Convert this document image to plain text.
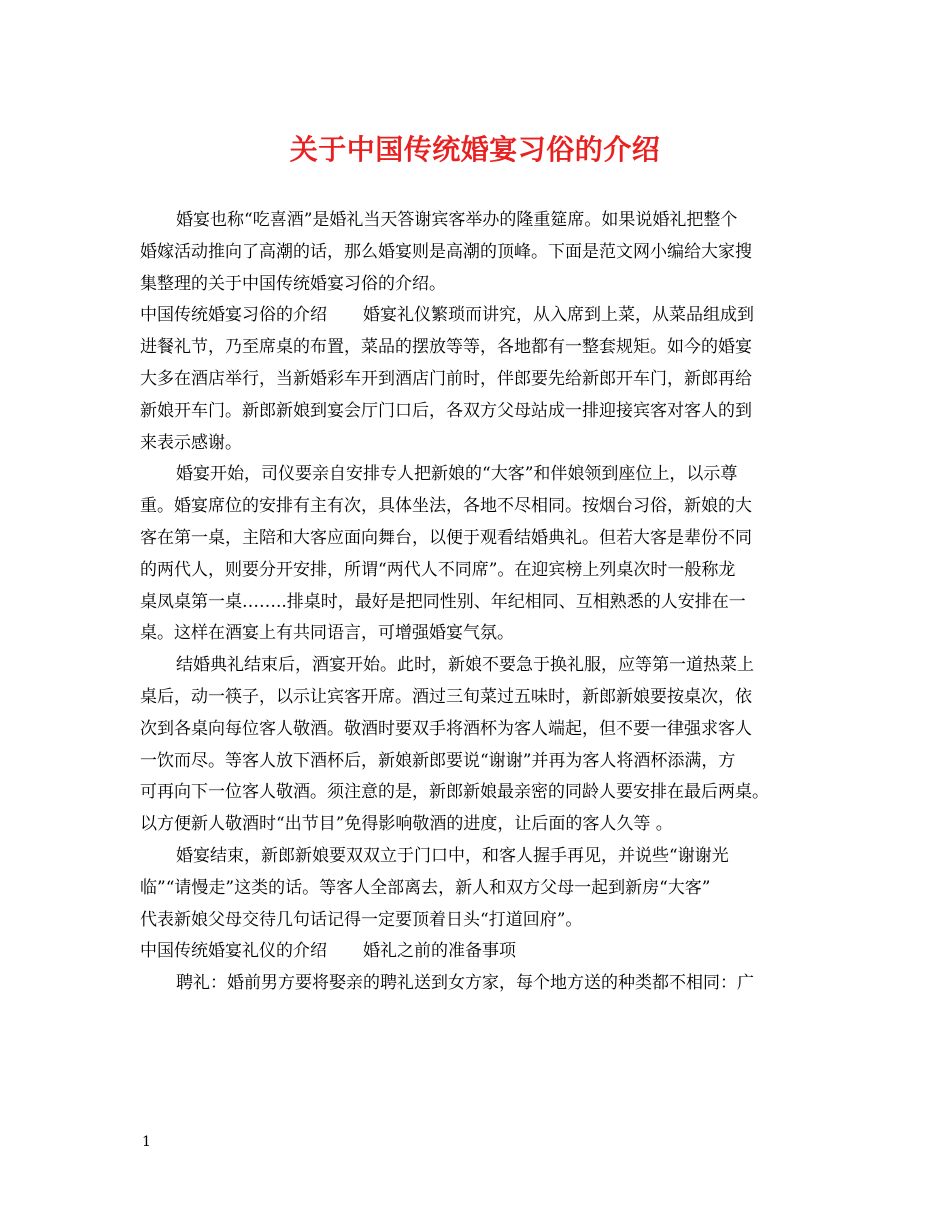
关于中国传统婚宴习俗的介绍
婚宴也称“吃喜酒”是婚礼当天答谢宾客举办的隆重筵席。如果说婚礼把整个
婚嫁活动推向了高潮的话，那么婚宴则是高潮的顶峰。下面是范文网小编给大家搜
集整理的关于中国传统婚宴习俗的介绍。
中国传统婚宴习俗的介绍 婚宴礼仪繁琐而讲究，从入席到上菜，从菜品组成到
进餐礼节，乃至席桌的布置，菜品的摆放等等，各地都有一整套规矩。如今的婚宴
大多在酒店举行，当新婚彩车开到酒店门前时，伴郎要先给新郎开车门，新郎再给
新娘开车门。新郎新娘到宴会厅门口后，各双方父母站成一排迎接宾客对客人的到
来表示感谢。
婚宴开始，司仪要亲自安排专人把新娘的“大客”和伴娘领到座位上，以示尊
重。婚宴席位的安排有主有次，具体坐法，各地不尽相同。按烟台习俗，新娘的大
客在第一桌，主陪和大客应面向舞台，以便于观看结婚典礼。但若大客是辈份不同
的两代人，则要分开安排，所谓“两代人不同席”。在迎宾榜上列桌次时一般称龙
桌凤桌第一桌……..排桌时，最好是把同性别、年纪相同、互相熟悉的人安排在一
桌。这样在酒宴上有共同语言，可增强婚宴气氛。
结婚典礼结束后，酒宴开始。此时，新娘不要急于换礼服，应等第一道热菜上
桌后，动一筷子，以示让宾客开席。酒过三旬菜过五味时，新郎新娘要按桌次，依
次到各桌向每位客人敬酒。敬酒时要双手将酒杯为客人端起，但不要一律强求客人
一饮而尽。等客人放下酒杯后，新娘新郎要说“谢谢”并再为客人将酒杯添满，方
可再向下一位客人敬酒。须注意的是，新郎新娘最亲密的同龄人要安排在最后两桌。
以方便新人敬酒时“出节目”免得影响敬酒的进度，让后面的客人久等 。
婚宴结束，新郎新娘要双双立于门口中，和客人握手再见，并说些“谢谢光
临”“请慢走”这类的话。等客人全部离去，新人和双方父母一起到新房“大客”
代表新娘父母交待几句话记得一定要顶着日头“打道回府”。
中国传统婚宴礼仪的介绍 婚礼之前的准备事项
聘礼：婚前男方要将娶亲的聘礼送到女方家，每个地方送的种类都不相同：广
1
